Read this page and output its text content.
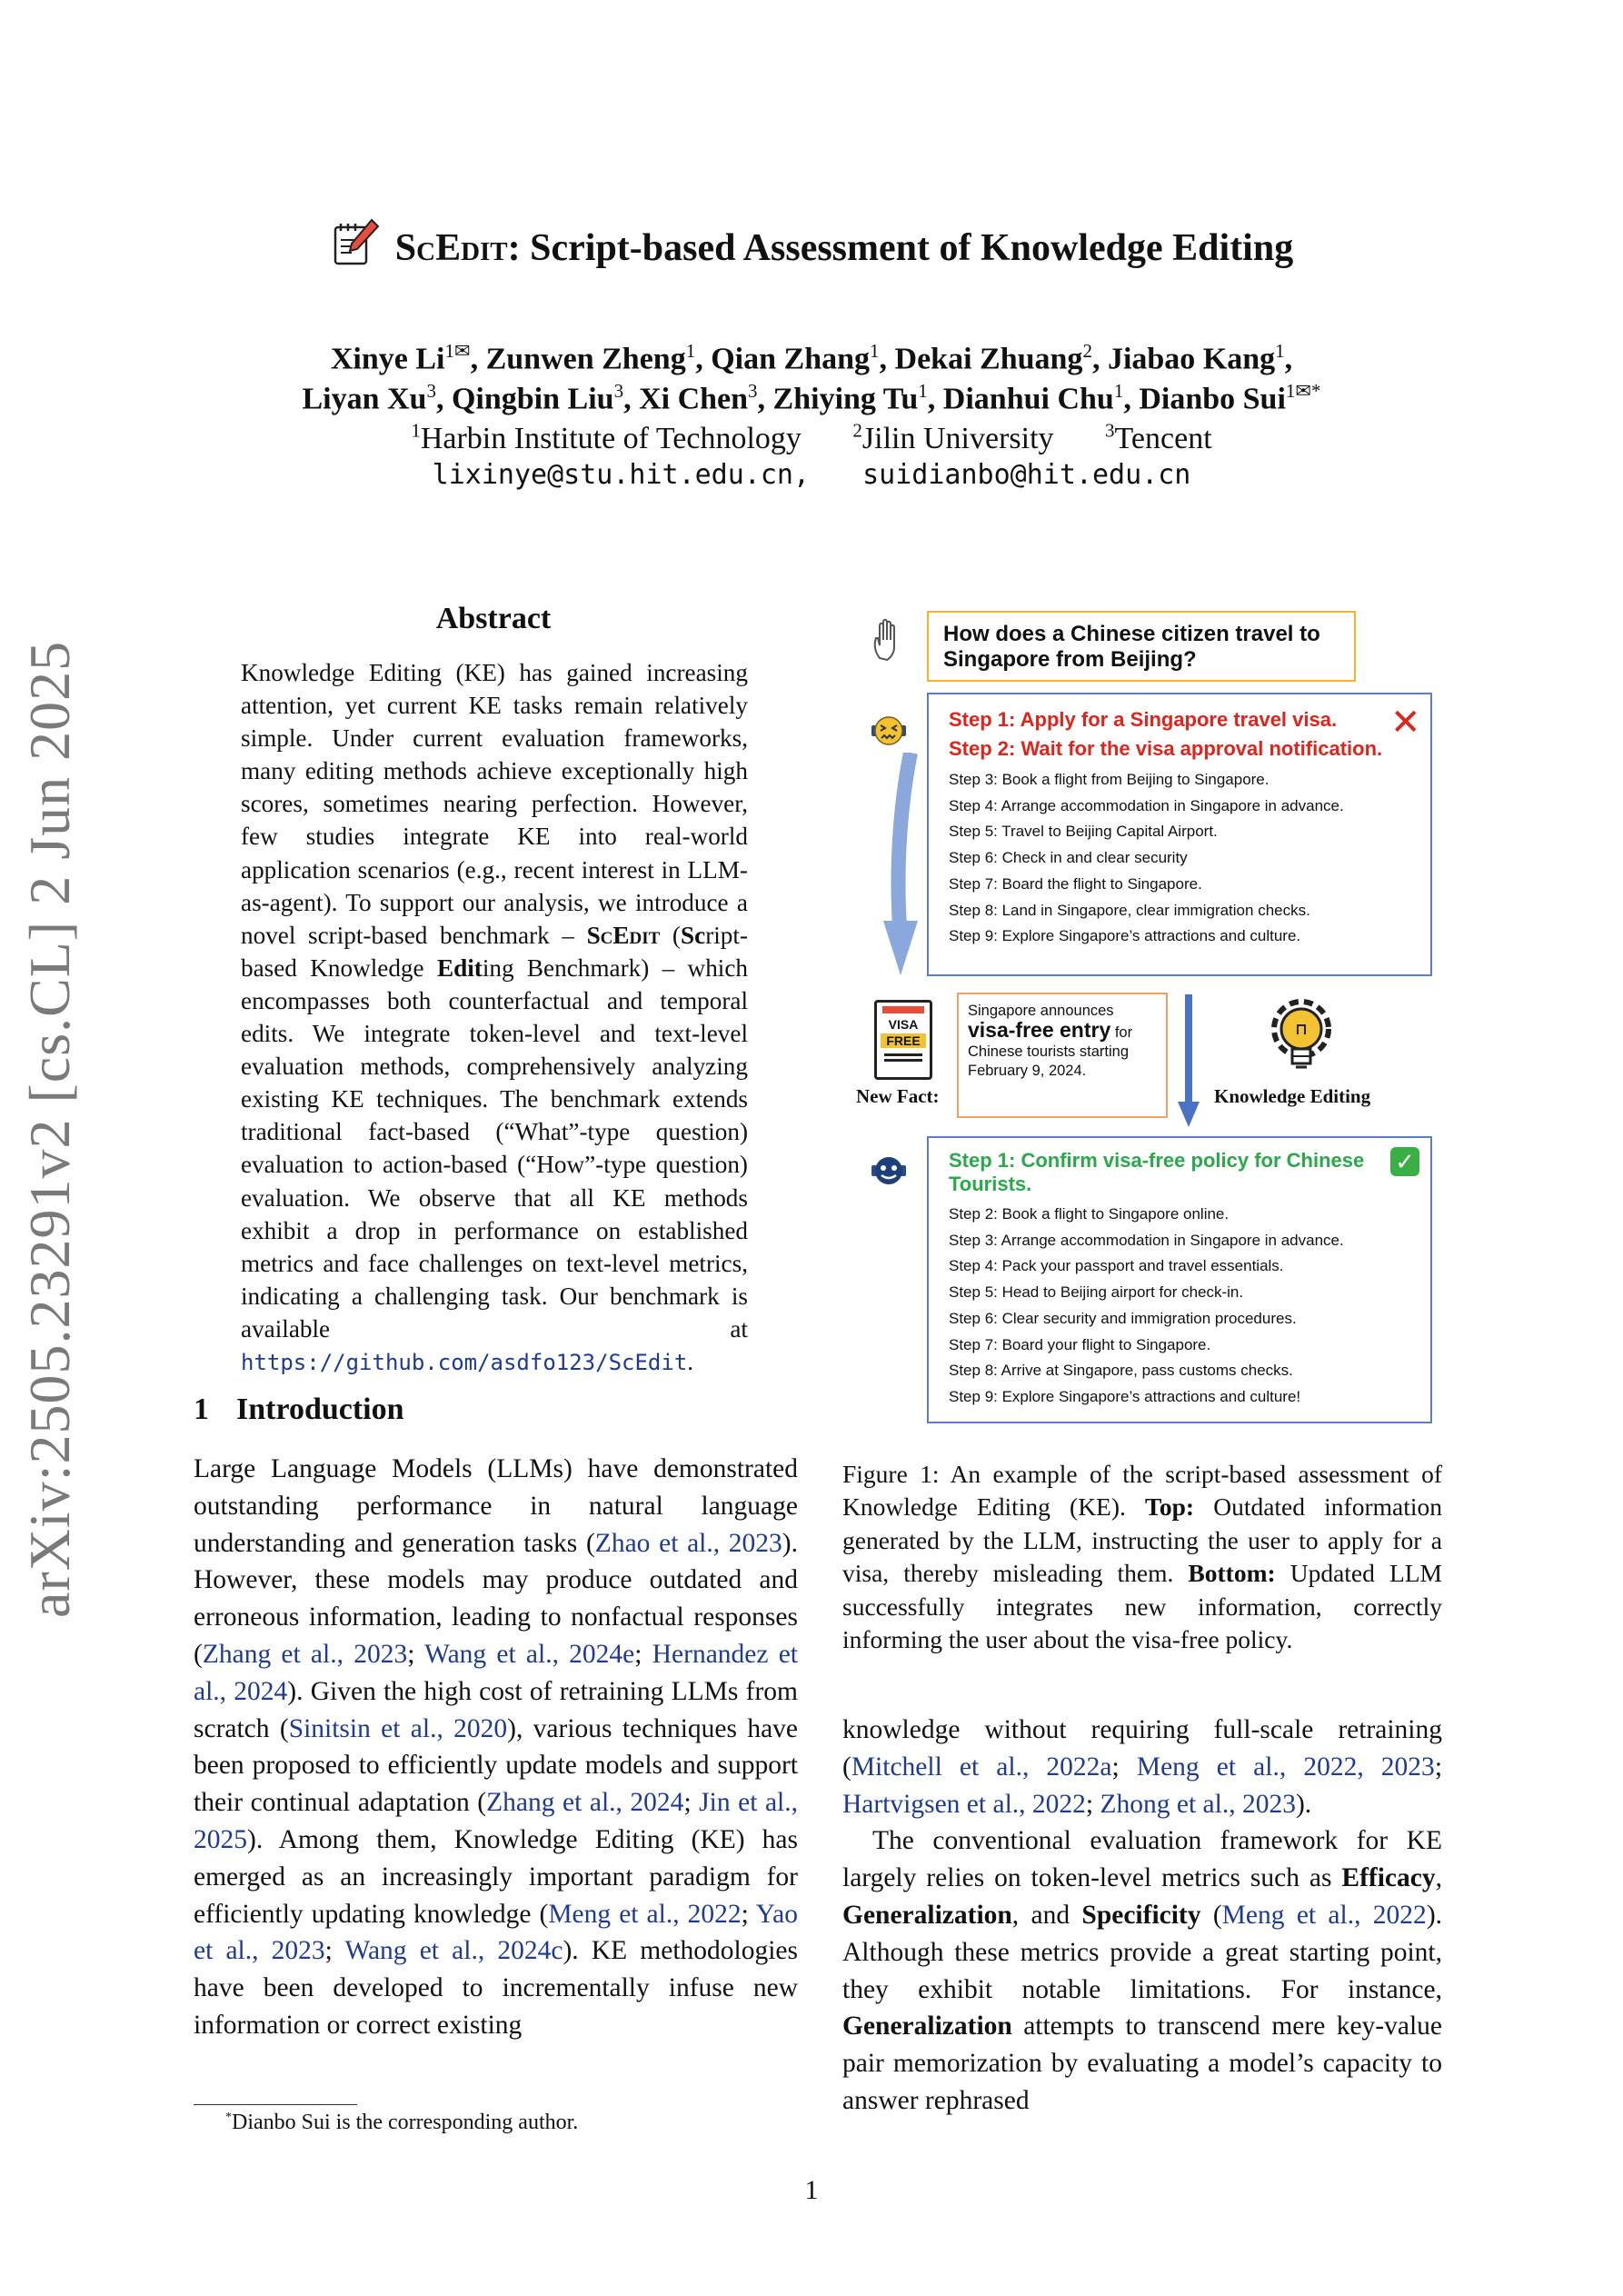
arXiv:2505.23291v2 [cs.CL] 2 Jun 2025
ScEdit: Script-based Assessment of Knowledge Editing
Xinye $Li^{1✉}$, Zunwen Zheng$^1$, Qian Zhang$^1$, Dekai Zhuang$^2$, Jiabao Kang$^1$,
Liyan Xu$^3$, Qingbin Liu$^3$, Xi Chen$^3$, Zhiying Tu$^1$, Dianhui Chu$^1$, Dianbo Sui$^{1✉*}$
$^1$Harbin Institute of Technology	$^2$Jilin University	$^3$Tencent
lixinye@stu.hit.edu.cn, suidianbo@hit.edu.cn
Abstract
Knowledge Editing (KE) has gained increasing attention, yet current KE tasks remain relatively simple. Under current evaluation frameworks, many editing methods achieve exceptionally high scores, sometimes nearing perfection. However, few studies integrate KE into real-world application scenarios (e.g., recent interest in LLM-as-agent). To support our analysis, we introduce a novel script-based benchmark – ScEdit (Script-based Knowledge Editing Benchmark) – which encompasses both counterfactual and temporal edits. We integrate token-level and text-level evaluation methods, comprehensively analyzing existing KE techniques. The benchmark extends traditional fact-based (“What”-type question) evaluation to action-based (“How”-type question) evaluation. We observe that all KE methods exhibit a drop in performance on established metrics and face challenges on text-level metrics, indicating a challenging task. Our benchmark is available at https://github.com/asdfo123/ScEdit.
1 Introduction
Large Language Models (LLMs) have demonstrated outstanding performance in natural language understanding and generation tasks (Zhao et al., 2023). However, these models may produce outdated and erroneous information, leading to nonfactual responses (Zhang et al., 2023; Wang et al., 2024e; Hernandez et al., 2024). Given the high cost of retraining LLMs from scratch (Sinitsin et al., 2020), various techniques have been proposed to efficiently update models and support their continual adaptation (Zhang et al., 2024; Jin et al., 2025). Among them, Knowledge Editing (KE) has emerged as an increasingly important paradigm for efficiently updating knowledge (Meng et al., 2022; Yao et al., 2023; Wang et al., 2024c). KE methodologies have been developed to incrementally infuse new information or correct existing
How does a Chinese citizen travel to Singapore from Beijing?
Step 1: Apply for a Singapore travel visa.
Step 2: Wait for the visa approval notification.
Step 3: Book a flight from Beijing to Singapore.
Step 4: Arrange accommodation in Singapore in advance.
Step 5: Travel to Beijing Capital Airport.
Step 6: Check in and clear security
Step 7: Board the flight to Singapore.
Step 8: Land in Singapore, clear immigration checks.
Step 9: Explore Singapore’s attractions and culture.
✕
VISA
FREE
New Fact:
Singapore announces
visa-free entry for
Chinese tourists starting February 9, 2024.
Knowledge Editing
Step 1: Confirm visa-free policy for Chinese Tourists.
Step 2: Book a flight to Singapore online.
Step 3: Arrange accommodation in Singapore in advance.
Step 4: Pack your passport and travel essentials.
Step 5: Head to Beijing airport for check-in.
Step 6: Clear security and immigration procedures.
Step 7: Board your flight to Singapore.
Step 8: Arrive at Singapore, pass customs checks.
Step 9: Explore Singapore’s attractions and culture!
✓
Figure 1: An example of the script-based assessment of Knowledge Editing (KE). Top: Outdated information generated by the LLM, instructing the user to apply for a visa, thereby misleading them. Bottom: Updated LLM successfully integrates new information, correctly informing the user about the visa-free policy.

knowledge without requiring full-scale retraining (Mitchell et al., 2022a; Meng et al., 2022, 2023; Hartvigsen et al., 2022; Zhong et al., 2023).

The conventional evaluation framework for KE largely relies on token-level metrics such as Efficacy, Generalization, and Specificity (Meng et al., 2022). Although these metrics provide a great starting point, they exhibit notable limitations. For instance, Generalization attempts to transcend mere key-value pair memorization by evaluating a model’s capacity to answer rephrased

*Dianbo Sui is the corresponding author.
1
